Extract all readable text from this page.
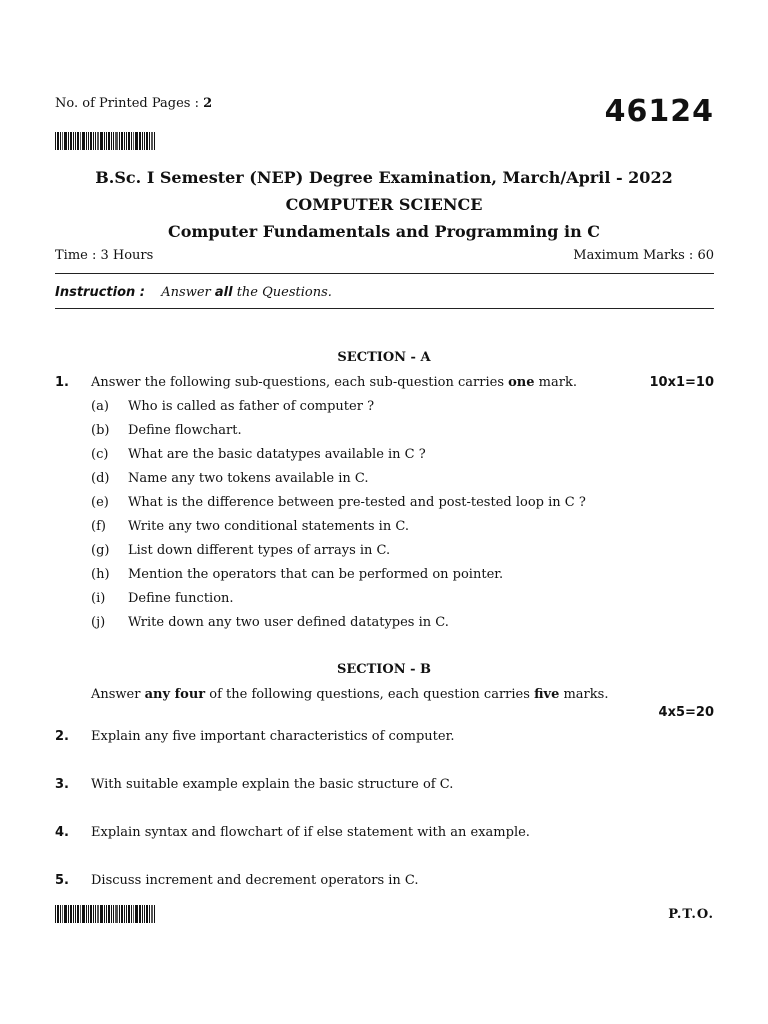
No. of Printed Pages : 2	46124
B.Sc. I Semester (NEP) Degree Examination, March/April - 2022
COMPUTER SCIENCE
Computer Fundamentals and Programming in C
Time : 3 Hours	Maximum Marks : 60
Instruction : Answer all the Questions.
SECTION - A
1. Answer the following sub-questions, each sub-question carries one mark.	10x1=10
(a) Who is called as father of computer ?
(b) Define flowchart.
(c) What are the basic datatypes available in C ?
(d) Name any two tokens available in C.
(e) What is the difference between pre-tested and post-tested loop in C ?
(f) Write any two conditional statements in C.
(g) List down different types of arrays in C.
(h) Mention the operators that can be performed on pointer.
(i) Define function.
(j) Write down any two user defined datatypes in C.
SECTION - B
Answer any four of the following questions, each question carries five marks.
4x5=20
2. Explain any five important characteristics of computer.
3. With suitable example explain the basic structure of C.
4. Explain syntax and flowchart of if else statement with an example.
5. Discuss increment and decrement operators in C.
P.T.O.
